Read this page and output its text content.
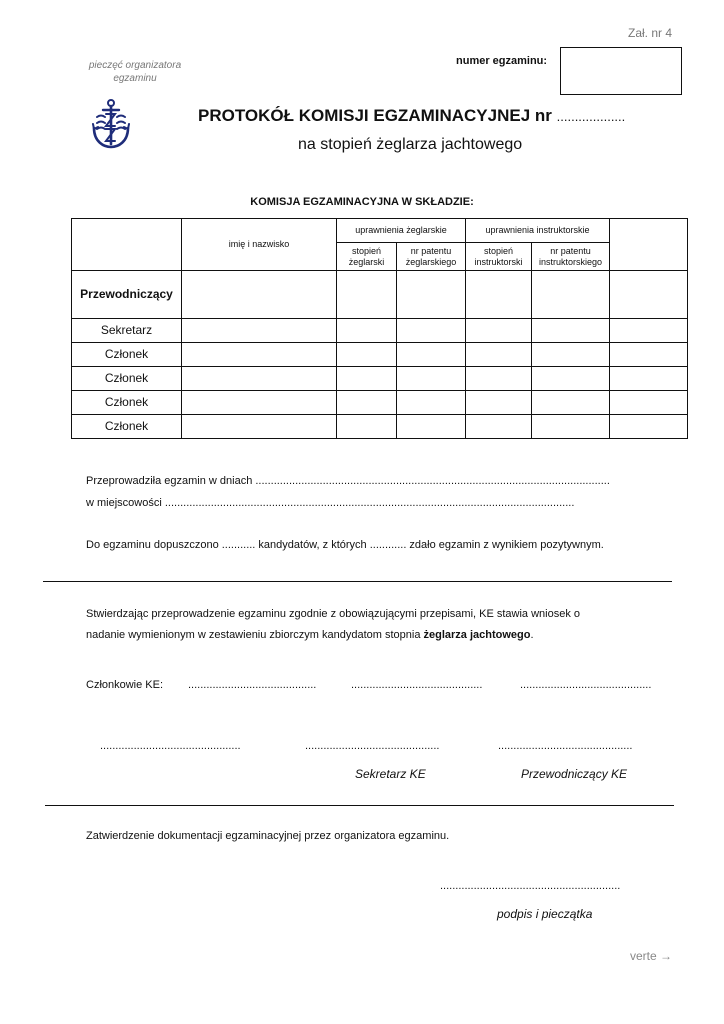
Zał. nr 4
pieczęć organizatora
egzaminu
numer egzaminu:
PROTOKÓŁ KOMISJI EGZAMINACYJNEJ nr ...................
na stopień żeglarza jachtowego
KOMISJA EGZAMINACYJNA W SKŁADZIE:
	imię i nazwisko	uprawnienia żeglarskie		uprawnienia instruktorskie		
		stopień żeglarski	nr patentu żeglarskiego	stopień instruktorski	nr patentu instruktorskiego	
Przewodniczący						
Sekretarz						
Członek						
Członek						
Członek						
Członek						
Przeprowadziła egzamin w dniach ....................................................................................................................
w miejscowości ......................................................................................................................................
Do egzaminu dopuszczono ........... kandydatów, z których ............ zdało egzamin z wynikiem pozytywnym.
Stwierdzając przeprowadzenie egzaminu zgodnie z obowiązującymi przepisami, KE stawia wniosek o
nadanie wymienionym w zestawieniu zbiorczym kandydatom stopnia żeglarza jachtowego.
Członkowie KE: ..........................................	...........................................	...........................................
..............................................	............................................	............................................
Sekretarz KE	Przewodniczący KE
Zatwierdzenie dokumentacji egzaminacyjnej przez organizatora egzaminu.
...........................................................
podpis i pieczątka
verte →
